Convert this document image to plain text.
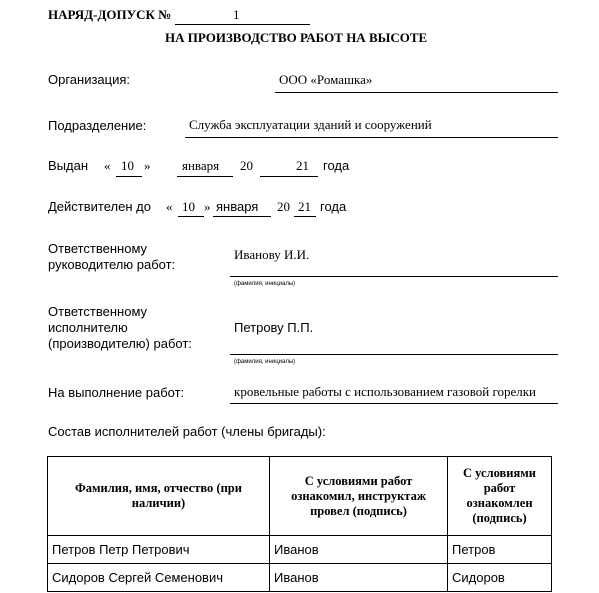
НАРЯД-ДОПУСК №	1
НА ПРОИЗВОДСТВО РАБОТ НА ВЫСОТЕ
Организация:	ООО «Ромашка»
Подразделение:	Служба эксплуатации зданий и сооружений
Выдан « 10 » января 20	21 года
Действителен до « 10 » января 20 21 года
Ответственному
руководителю работ:
Иванову И.И.
(фамилия, инициалы)
Ответственному
исполнителю
(производителю) работ:
Петрову П.П.
(фамилия, инициалы)
На выполнение работ:	кровельные работы с использованием газовой горелки
Состав исполнителей работ (члены бригады):
Фамилия, имя, отчество (при наличии)	С условиями работ ознакомил, инструктаж провел (подпись)	С условиями работ ознакомлен (подпись)
Петров Петр Петрович	Иванов	Петров
Сидоров Сергей Семенович	Иванов	Сидоров
